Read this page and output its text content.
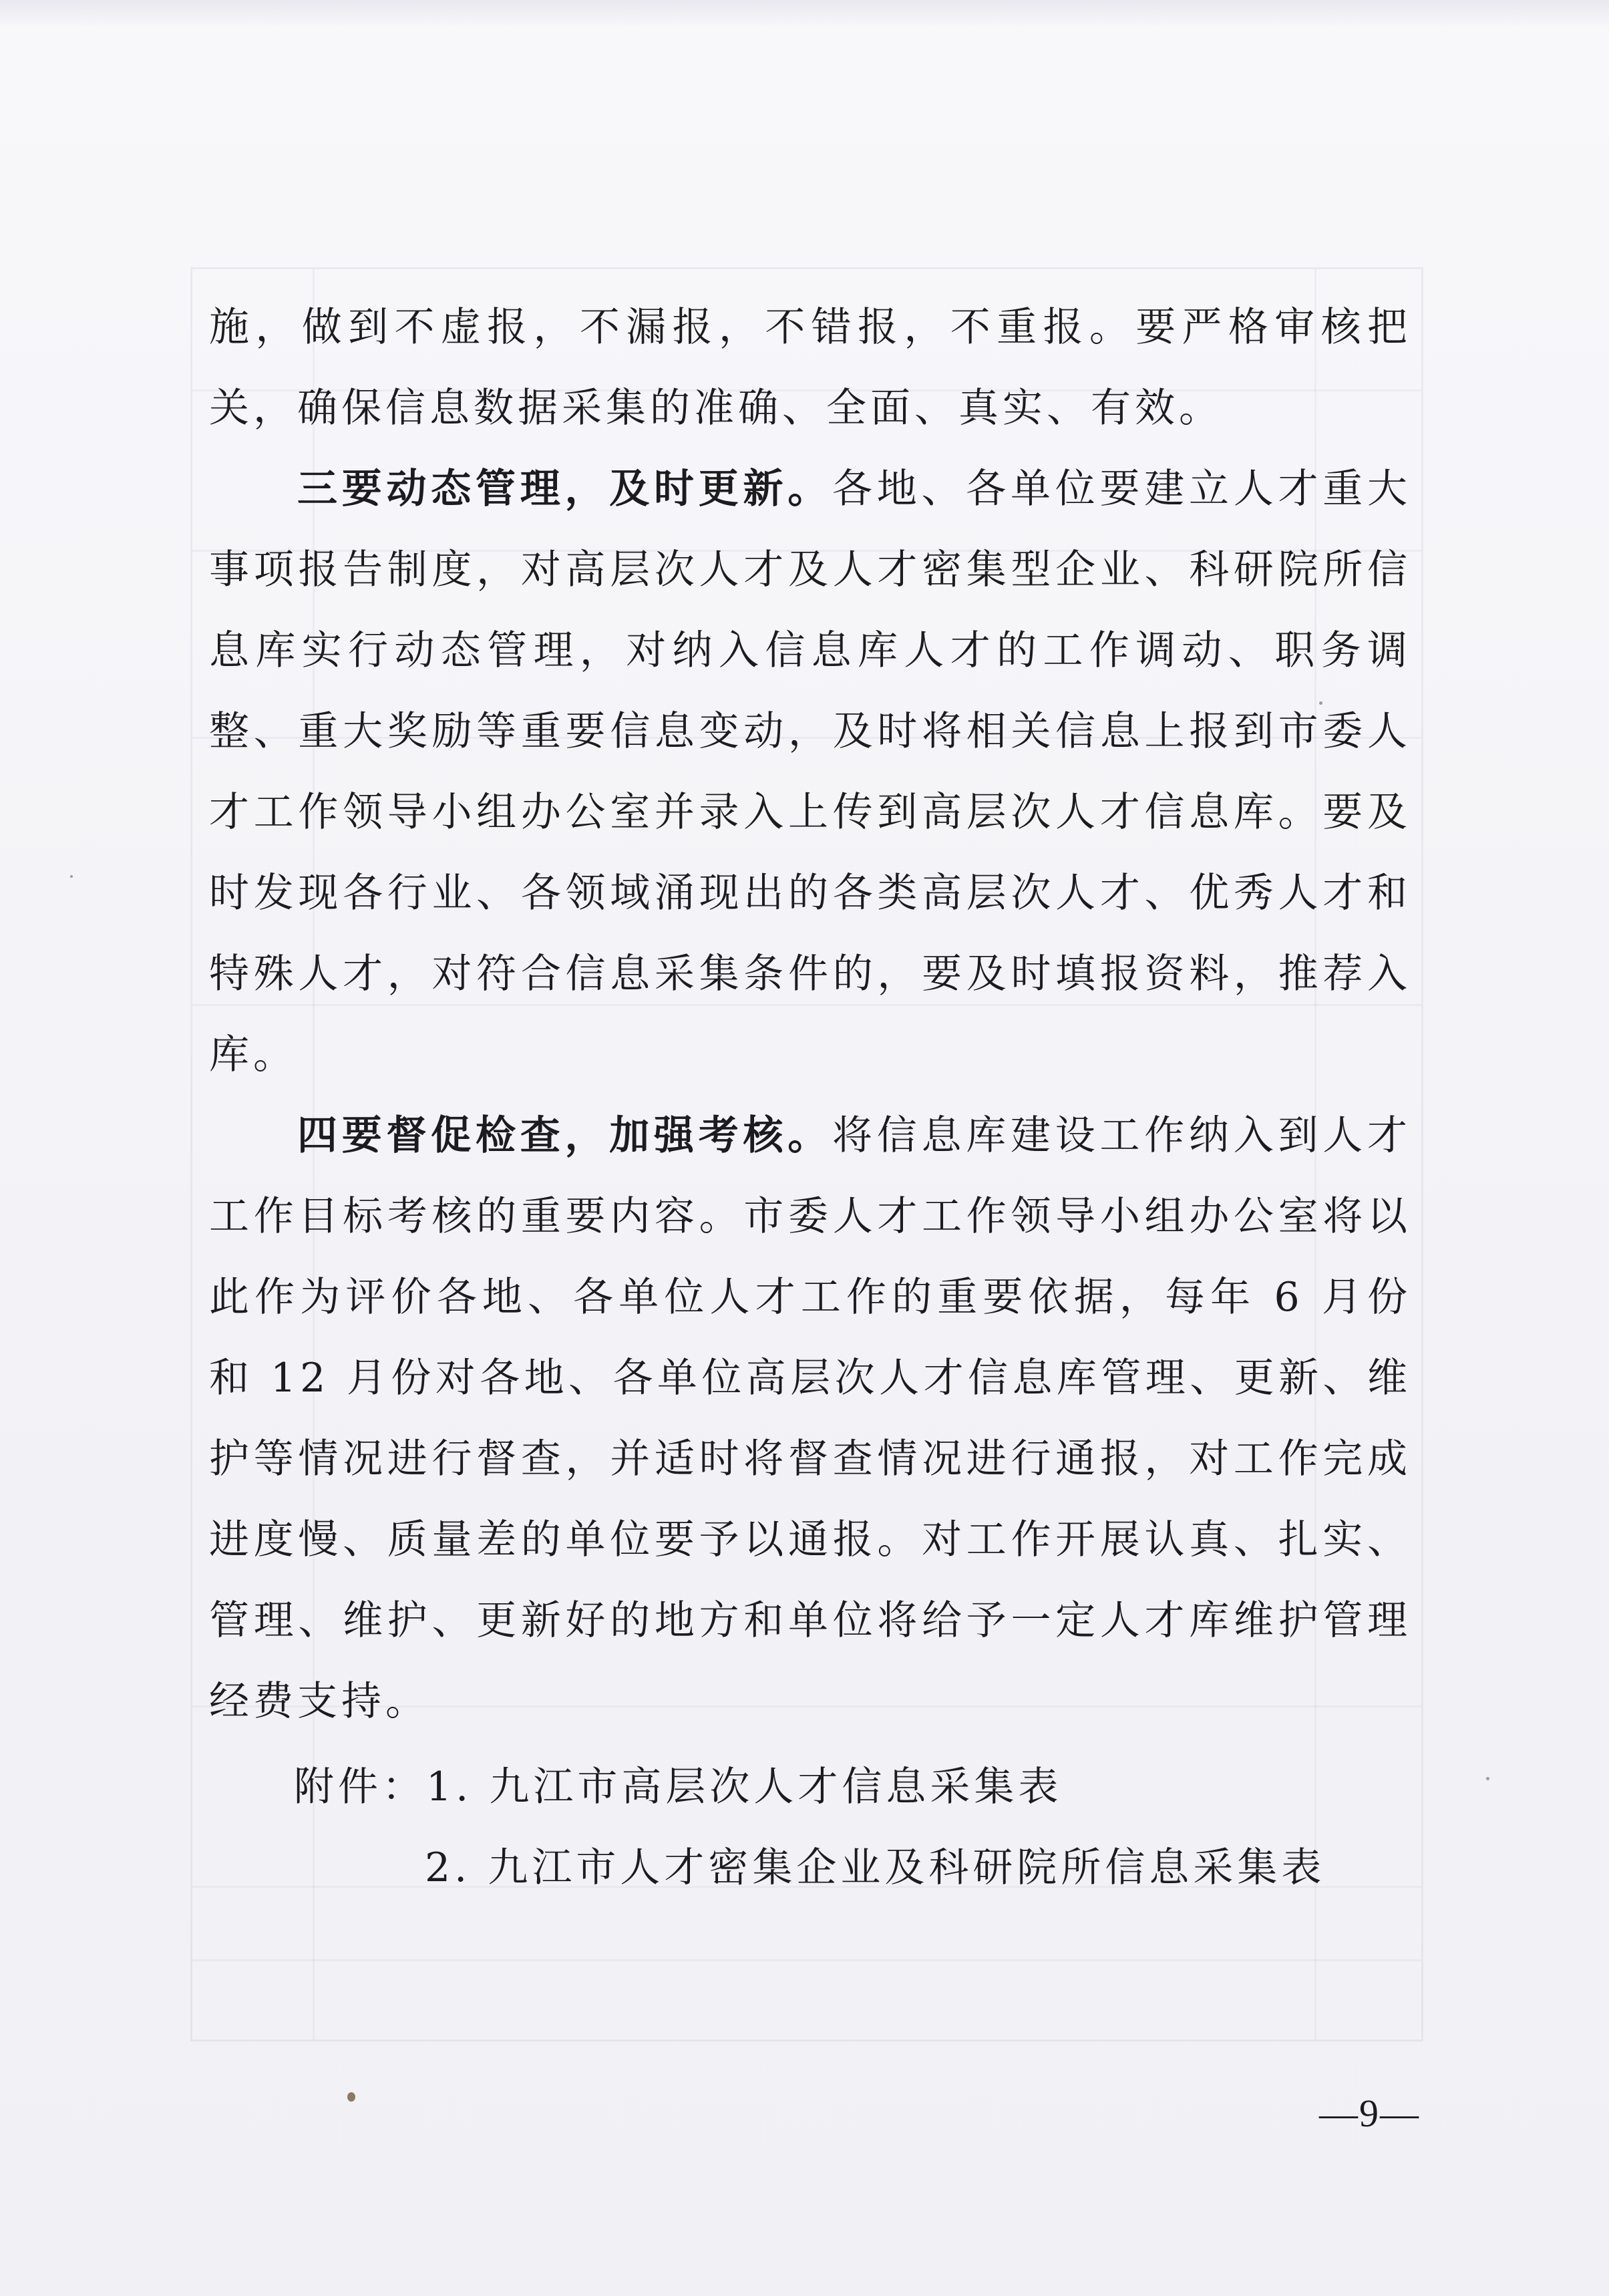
施，做到不虚报，不漏报，不错报，不重报。要严格审核把关，确保信息数据采集的准确、全面、真实、有效。

三要动态管理，及时更新。各地、各单位要建立人才重大事项报告制度，对高层次人才及人才密集型企业、科研院所信息库实行动态管理，对纳入信息库人才的工作调动、职务调整、重大奖励等重要信息变动，及时将相关信息上报到市委人才工作领导小组办公室并录入上传到高层次人才信息库。要及时发现各行业、各领域涌现出的各类高层次人才、优秀人才和特殊人才，对符合信息采集条件的，要及时填报资料，推荐入库。

四要督促检查，加强考核。将信息库建设工作纳入到人才工作目标考核的重要内容。市委人才工作领导小组办公室将以此作为评价各地、各单位人才工作的重要依据，每年 6 月份和 12 月份对各地、各单位高层次人才信息库管理、更新、维护等情况进行督查，并适时将督查情况进行通报，对工作完成进度慢、质量差的单位要予以通报。对工作开展认真、扎实、管理、维护、更新好的地方和单位将给予一定人才库维护管理经费支持。

附件：1. 九江市高层次人才信息采集表
2. 九江市人才密集企业及科研院所信息采集表
—9—
